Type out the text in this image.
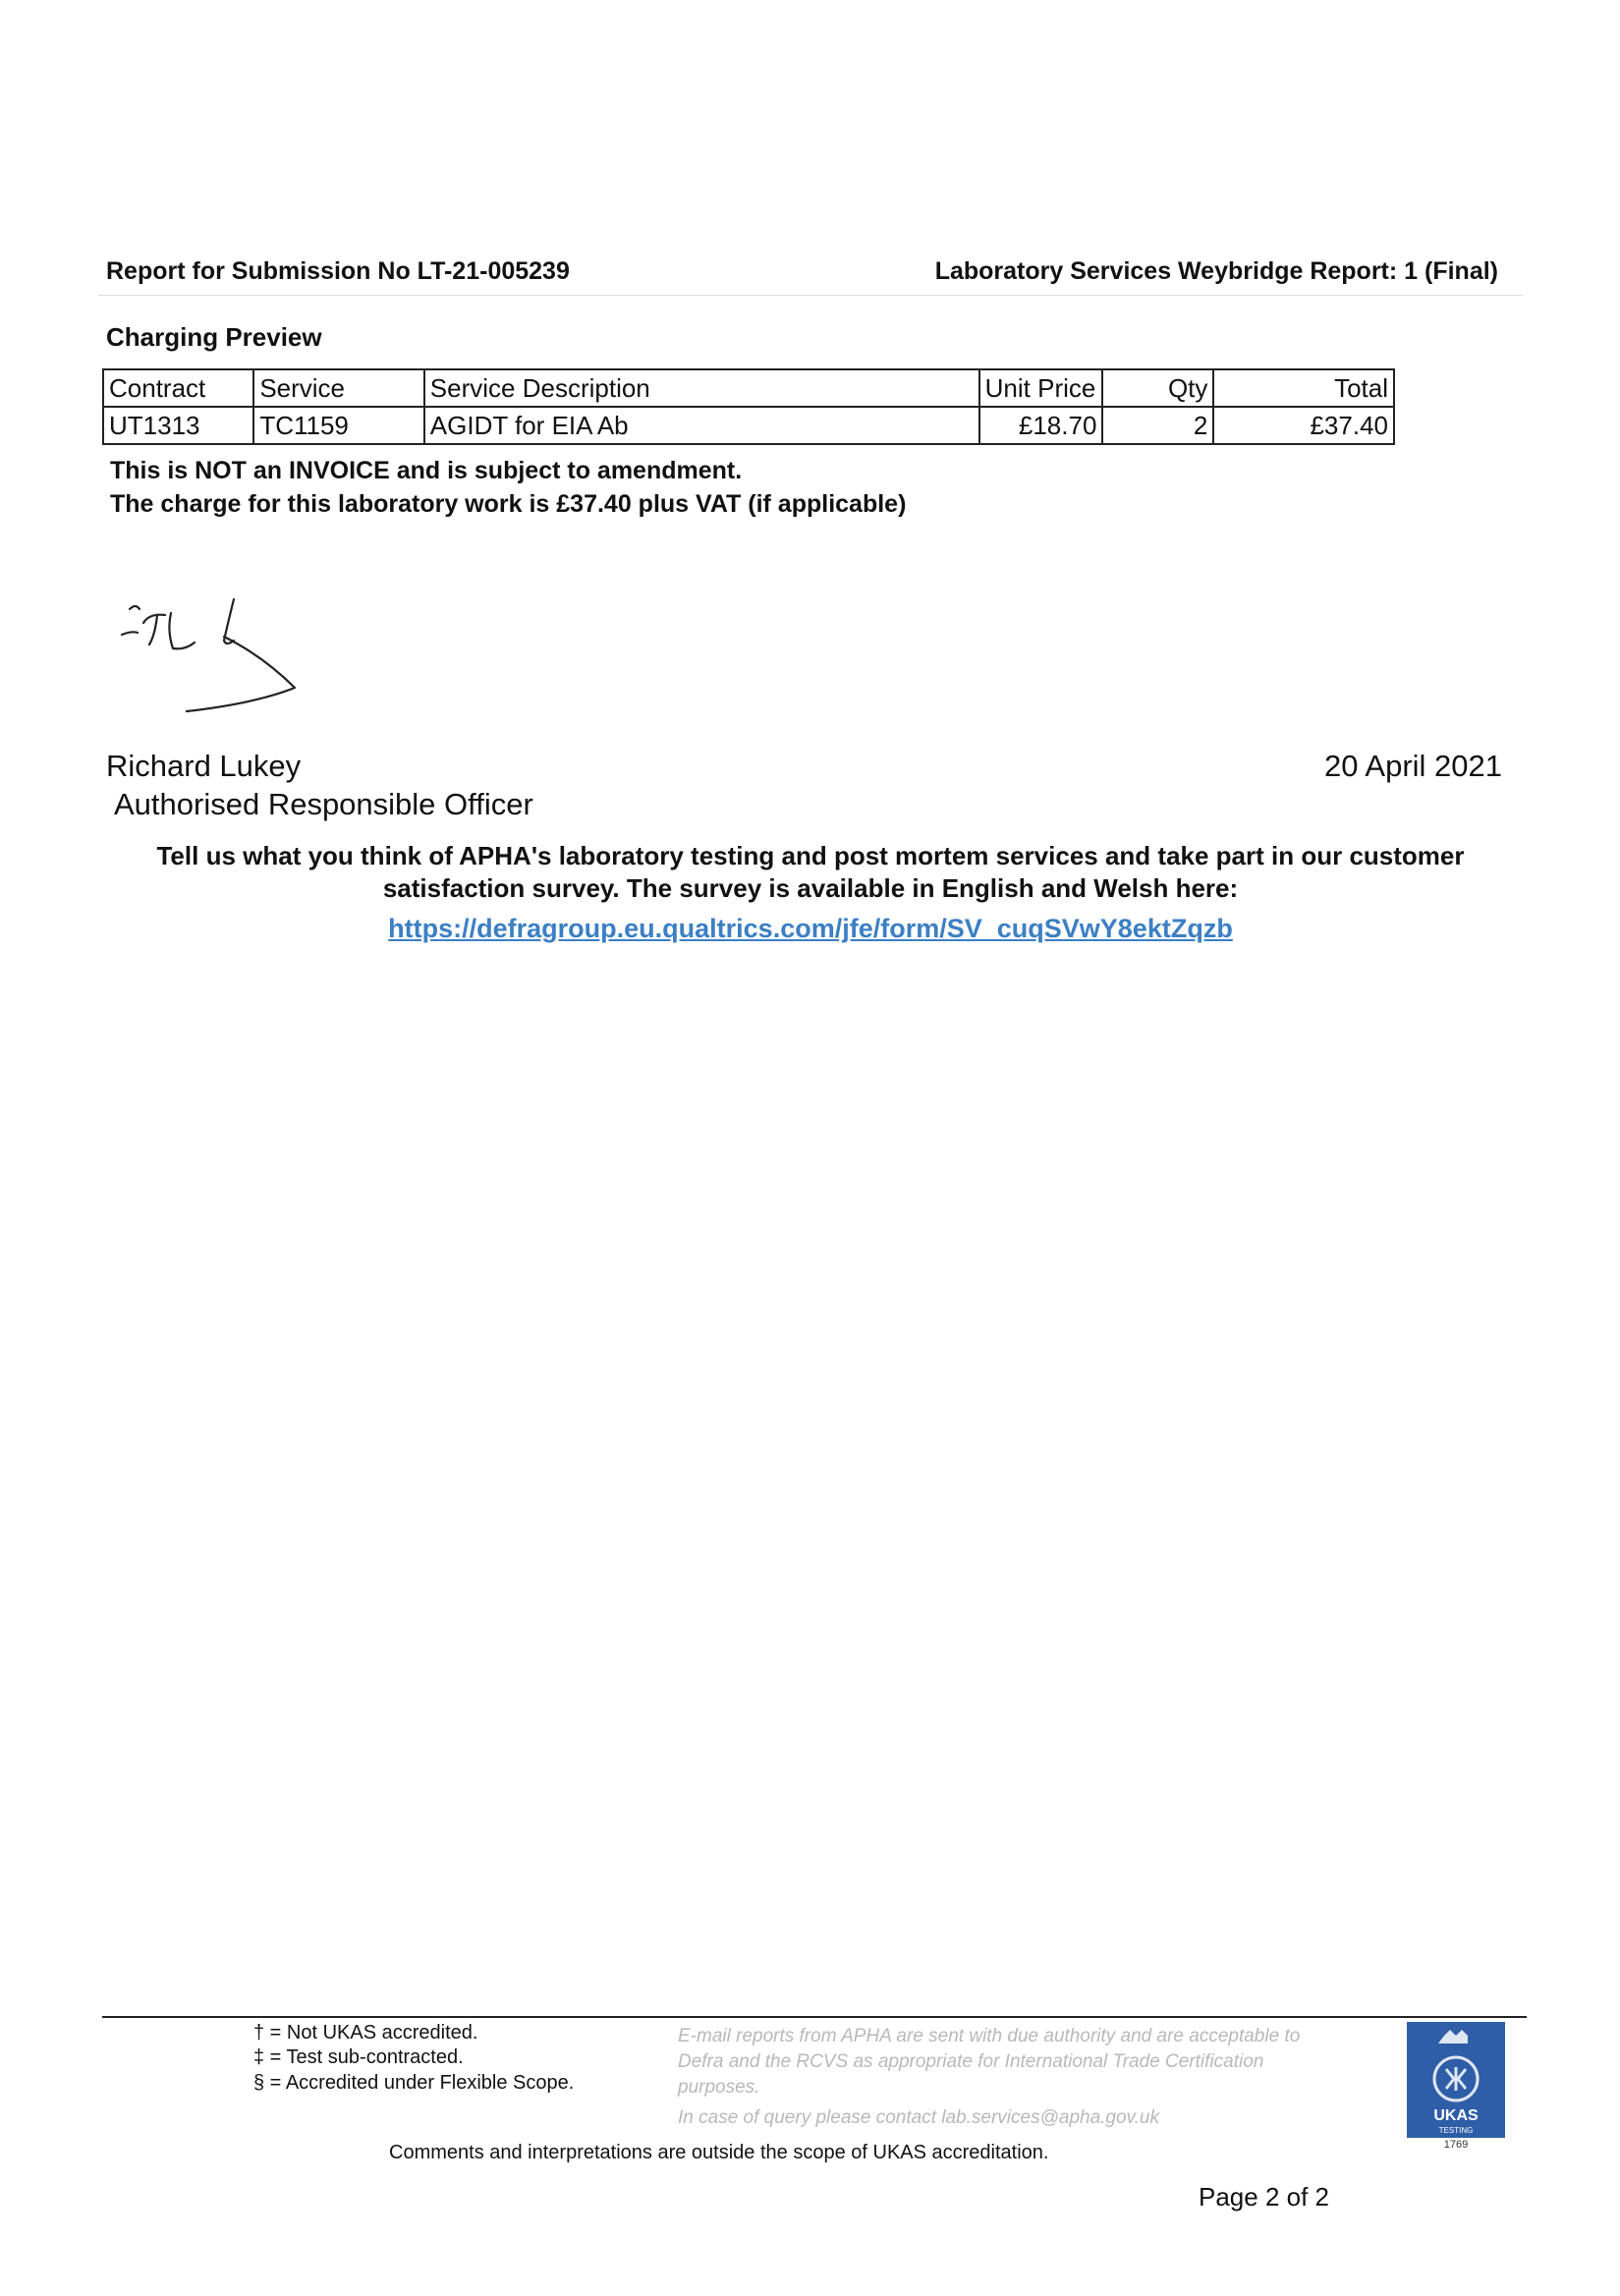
Report for Submission No LT-21-005239	Laboratory Services Weybridge Report: 1 (Final)
Charging Preview
Contract	Service	Service Description	Unit Price	Qty	Total
UT1313	TC1159	AGIDT for EIA Ab	£18.70	2	£37.40
This is NOT an INVOICE and is subject to amendment.
The charge for this laboratory work is £37.40 plus VAT (if applicable)
Richard Lukey
Authorised Responsible Officer
20 April 2021
Tell us what you think of APHA's laboratory testing and post mortem services and take part in our customer
satisfaction survey. The survey is available in English and Welsh here:
https://defragroup.eu.qualtrics.com/jfe/form/SV_cuqSVwY8ektZqzb
† = Not UKAS accredited.
‡ = Test sub-contracted.
§ = Accredited under Flexible Scope.
E-mail reports from APHA are sent with due authority and are acceptable to Defra and the RCVS as appropriate for International Trade Certification purposes.
In case of query please contact lab.services@apha.gov.uk
Comments and interpretations are outside the scope of UKAS accreditation.
Page 2 of 2
UKAS
TESTING
1769
